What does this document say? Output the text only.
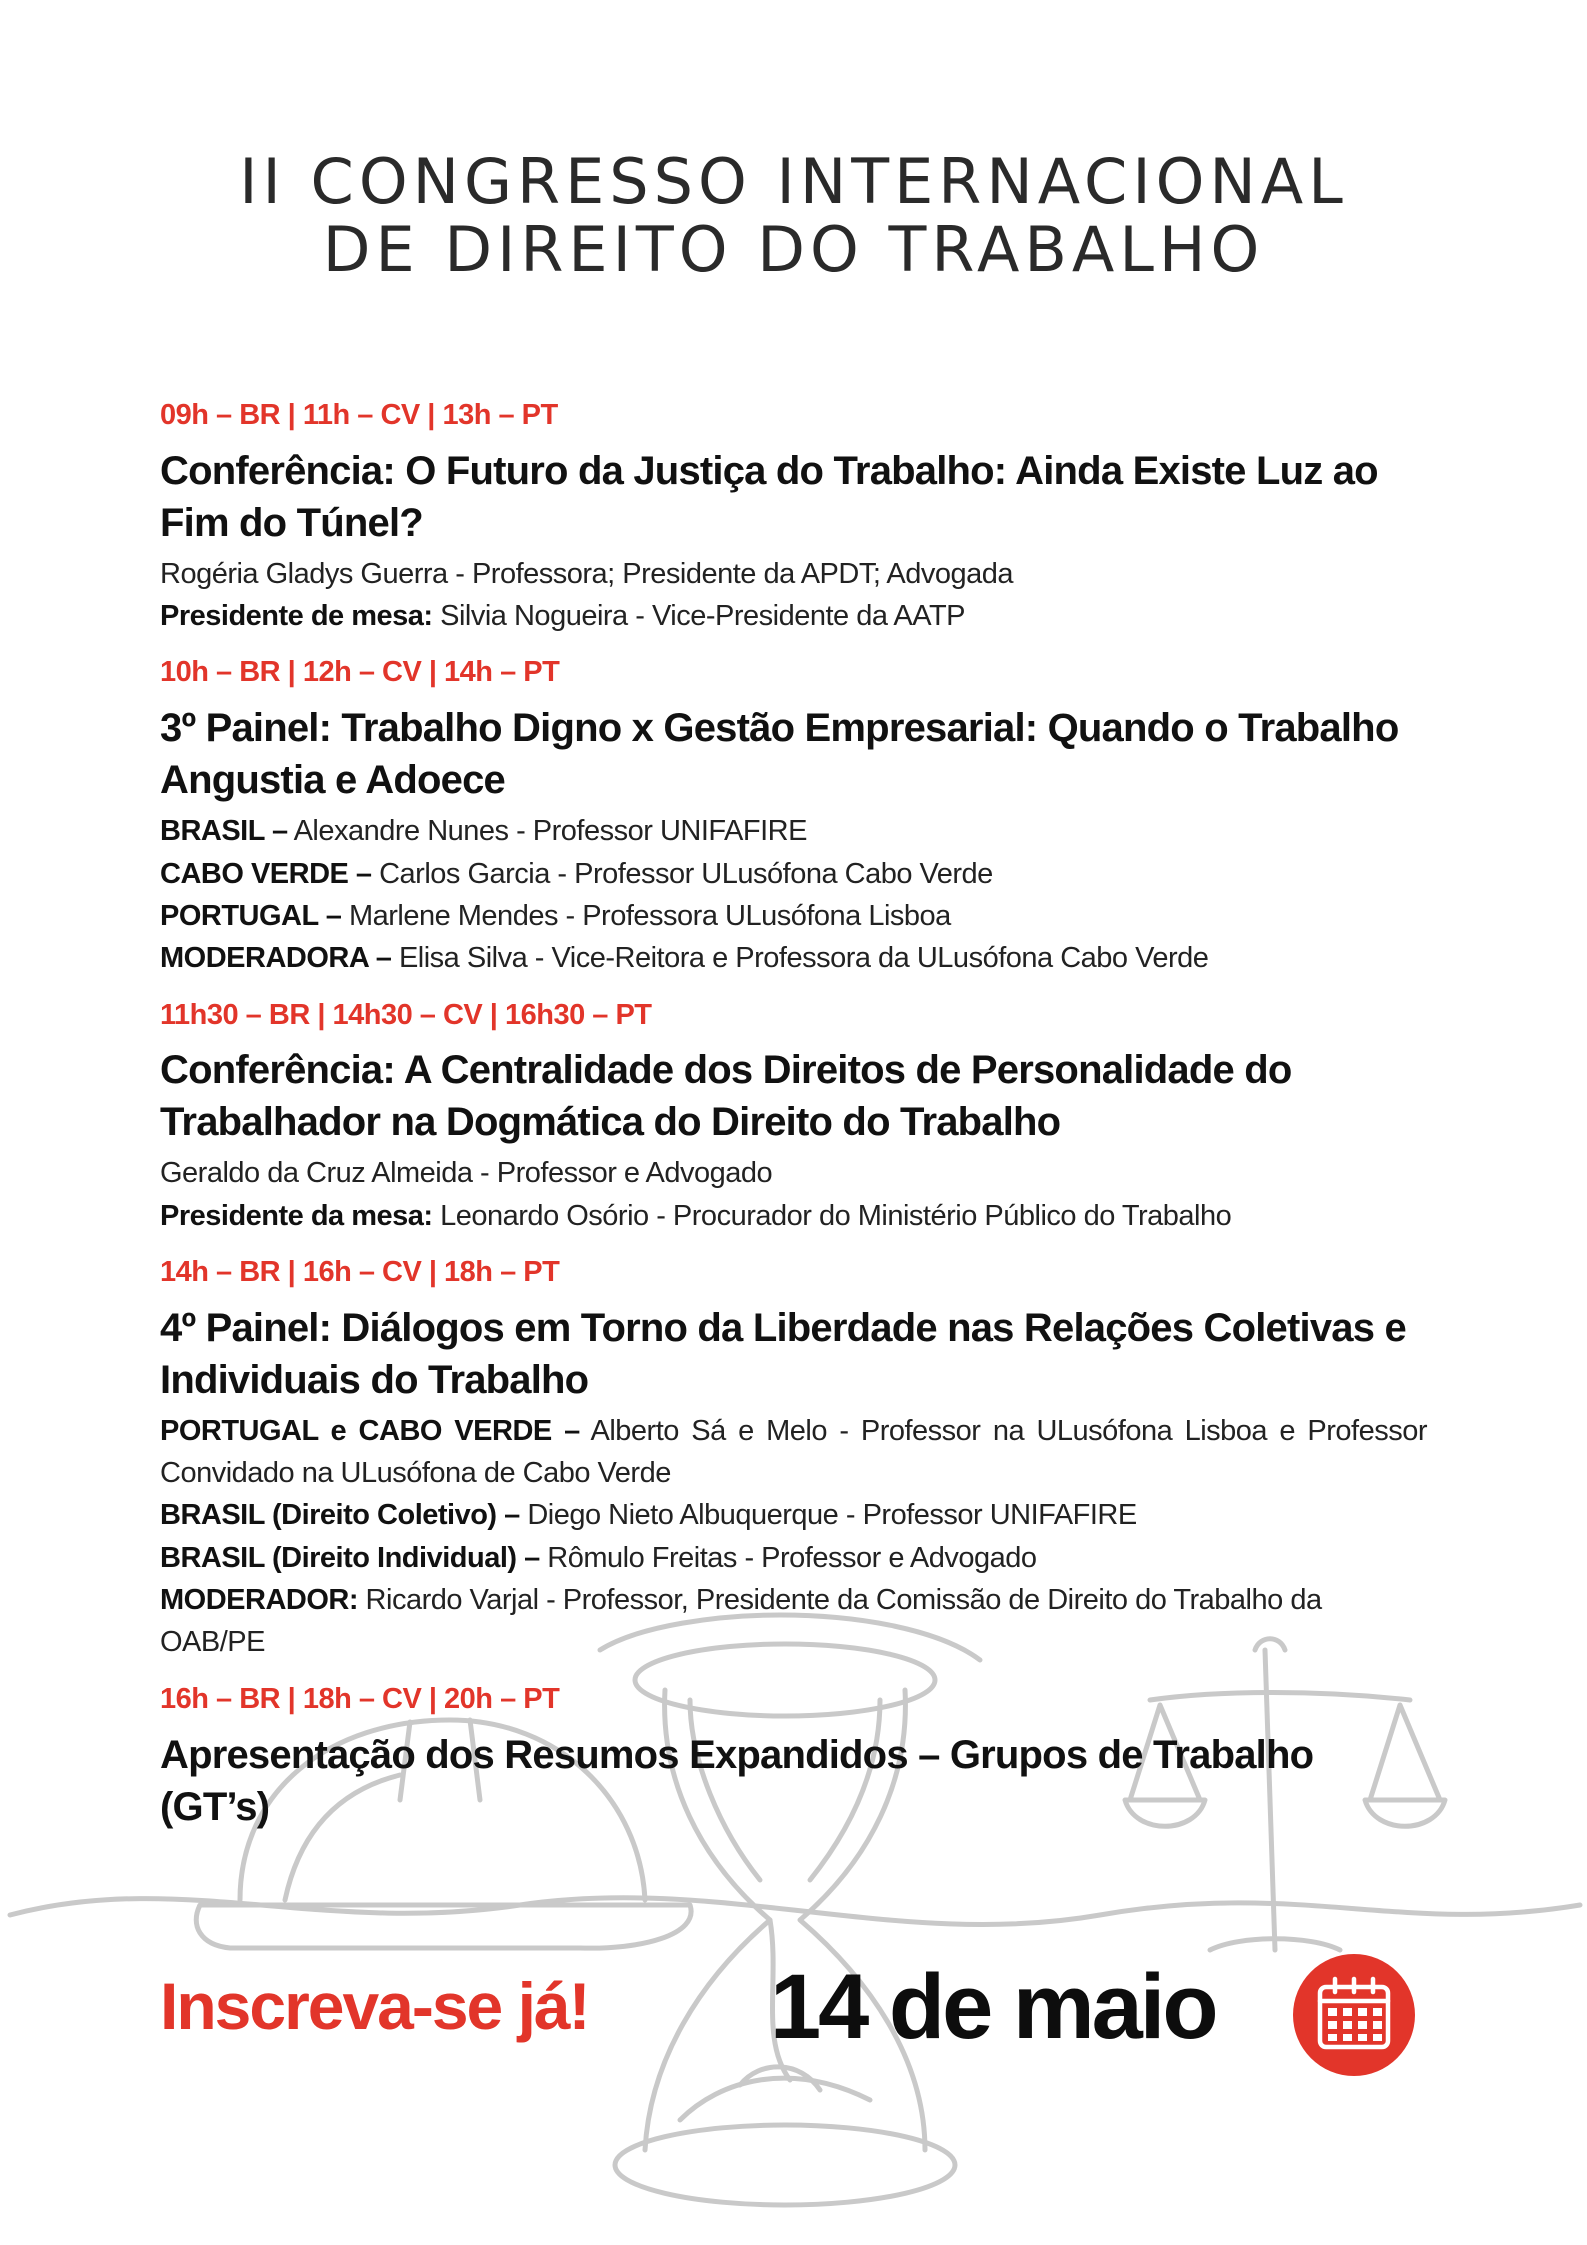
II CONGRESSO INTERNACIONAL
DE DIREITO DO TRABALHO
09h – BR | 11h – CV | 13h – PT
Conferência: O Futuro da Justiça do Trabalho: Ainda Existe Luz ao Fim do Túnel?
Rogéria Gladys Guerra - Professora; Presidente da APDT; Advogada
Presidente de mesa: Silvia Nogueira - Vice-Presidente da AATP
10h – BR | 12h – CV | 14h – PT
3º Painel: Trabalho Digno x Gestão Empresarial: Quando o Trabalho Angustia e Adoece
BRASIL – Alexandre Nunes - Professor UNIFAFIRE
CABO VERDE – Carlos Garcia - Professor ULusófona Cabo Verde
PORTUGAL – Marlene Mendes - Professora ULusófona Lisboa
MODERADORA – Elisa Silva - Vice-Reitora e Professora da ULusófona Cabo Verde
11h30 – BR | 14h30 – CV | 16h30 – PT
Conferência: A Centralidade dos Direitos de Personalidade do Trabalhador na Dogmática do Direito do Trabalho
Geraldo da Cruz Almeida - Professor e Advogado
Presidente da mesa: Leonardo Osório - Procurador do Ministério Público do Trabalho
14h – BR | 16h – CV | 18h – PT
4º Painel: Diálogos em Torno da Liberdade nas Relações Coletivas e Individuais do Trabalho
PORTUGAL e CABO VERDE – Alberto Sá e Melo - Professor na ULusófona Lisboa e Professor Convidado na ULusófona de Cabo Verde
BRASIL (Direito Coletivo) – Diego Nieto Albuquerque - Professor UNIFAFIRE
BRASIL (Direito Individual) – Rômulo Freitas - Professor e Advogado
MODERADOR: Ricardo Varjal - Professor, Presidente da Comissão de Direito do Trabalho da OAB/PE
16h – BR | 18h – CV | 20h – PT
Apresentação dos Resumos Expandidos – Grupos de Trabalho (GT’s)
Inscreva-se já! 14 de maio
